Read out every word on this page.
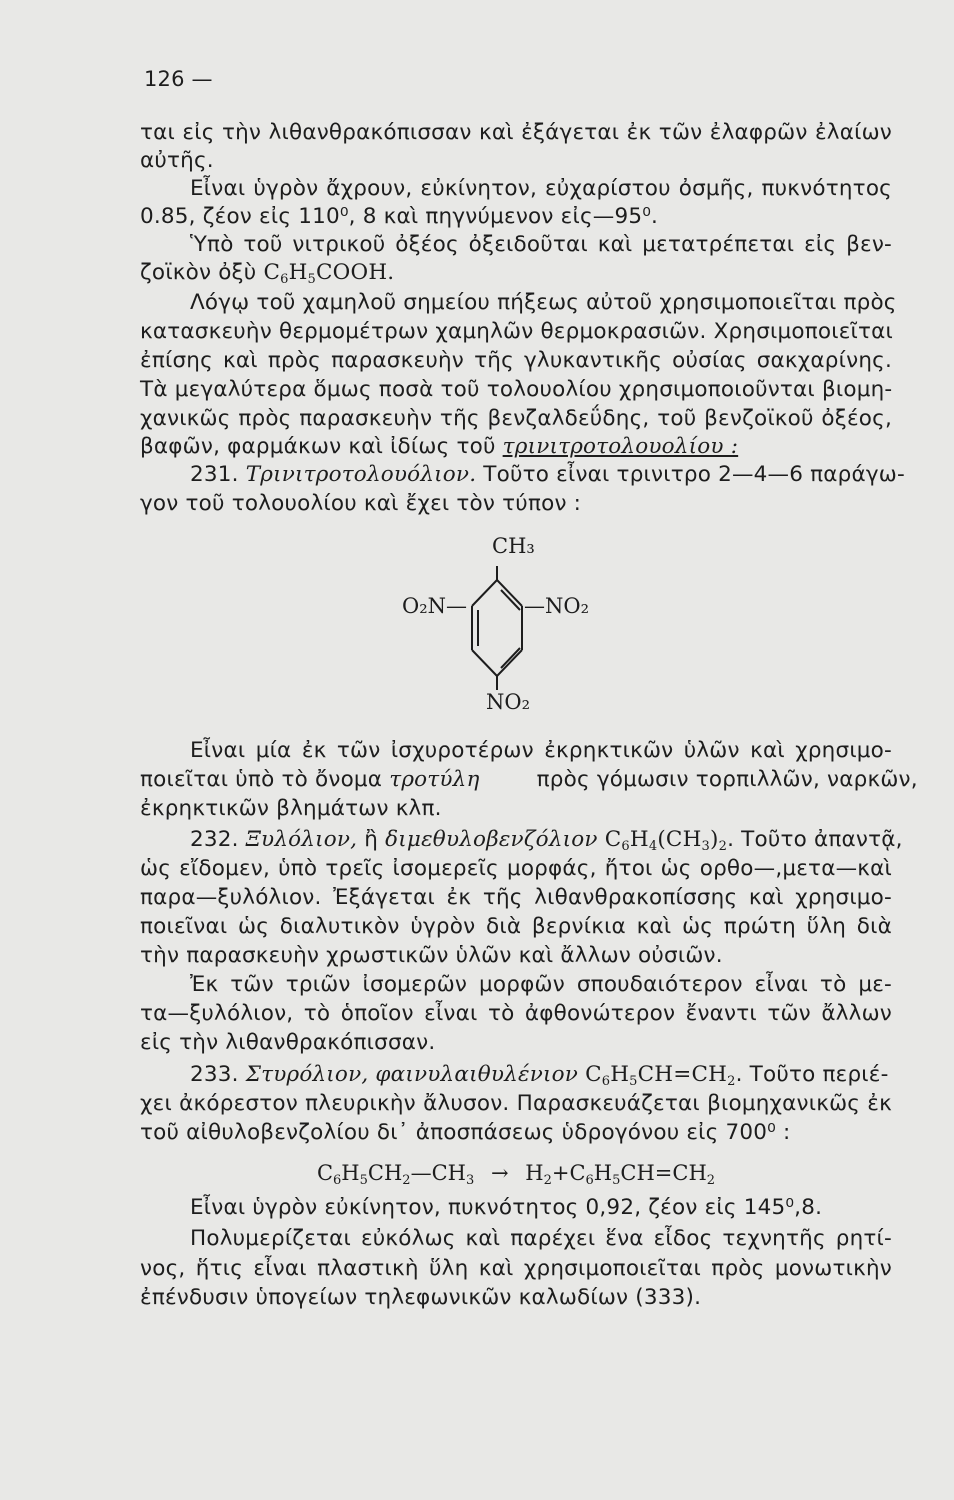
126 —
ται εἰς τὴν λιθανθρακόπισσαν καὶ ἐξάγεται ἐκ τῶν ἐλαφρῶν ἐλαίων
αὐτῆς.
Εἶναι ὑγρὸν ἄχρουν, εὐκίνητον, εὐχαρίστου ὀσμῆς, πυκνότητος
0.85, ζέον εἰς 110⁰, 8 καὶ πηγνύμενον εἰς—95⁰.
Ὑπὸ τοῦ νιτρικοῦ ὀξέος ὀξειδοῦται καὶ μετατρέπεται εἰς βεν-
ζοϊκὸν ὀξὺ $C_6H_5COOH$.
Λόγῳ τοῦ χαμηλοῦ σημείου πήξεως αὐτοῦ χρησιμοποιεῖται πρὸς
κατασκευὴν θερμομέτρων χαμηλῶν θερμοκρασιῶν. Χρησιμοποιεῖται
ἐπίσης καὶ πρὸς παρασκευὴν τῆς γλυκαντικῆς οὐσίας σακχαρίνης.
Τὰ μεγαλύτερα ὅμως ποσὰ τοῦ τολουολίου χρησιμοποιοῦνται βιομη-
χανικῶς πρὸς παρασκευὴν τῆς βενζαλδεΰδης, τοῦ βενζοϊκοῦ ὀξέος,
βαφῶν, φαρμάκων καὶ ἰδίως τοῦ τρινιτροτολουολίου :
231. Τρινιτροτολουόλιον. Τοῦτο εἶναι τρινιτρο 2—4—6 παράγω-
γον τοῦ τολουολίου καὶ ἔχει τὸν τύπον :
CH₃
O₂N—	—NO₂
NO₂
Εἶναι μία ἐκ τῶν ἰσχυροτέρων ἐκρηκτικῶν ὑλῶν καὶ χρησιμο-
ποιεῖται ὑπὸ τὸ ὄνομα τροτύλη	πρὸς γόμωσιν τορπιλλῶν, ναρκῶν,
ἐκρηκτικῶν βλημάτων κλπ.
232. Ξυλόλιον, ἢ διμεθυλοβενζόλιον $C_6H_4(CH_3)_2$. Τοῦτο ἀπαντᾷ,
ὡς εἴδομεν, ὑπὸ τρεῖς ἰσομερεῖς μορφάς, ἤτοι ὡς ορθο—,μετα—καὶ
παρα—ξυλόλιον. Ἐξάγεται ἐκ τῆς λιθανθρακοπίσσης καὶ χρησιμο-
ποιεῖναι ὡς διαλυτικὸν ὑγρὸν διὰ βερνίκια καὶ ὡς πρώτη ὕλη διὰ
τὴν παρασκευὴν χρωστικῶν ὑλῶν καὶ ἄλλων οὐσιῶν.
Ἐκ τῶν τριῶν ἰσομερῶν μορφῶν σπουδαιότερον εἶναι τὸ με-
τα—ξυλόλιον, τὸ ὁποῖον εἶναι τὸ ἀφθονώτερον ἔναντι τῶν ἄλλων
εἰς τὴν λιθανθρακόπισσαν.
233. Στυρόλιον, φαινυλαιθυλένιον $C_6H_5CH=CH_2$. Τοῦτο περιέ-
χει ἀκόρεστον πλευρικὴν ἄλυσον. Παρασκευάζεται βιομηχανικῶς ἐκ
τοῦ αἰθυλοβενζολίου δι᾽ ἀποσπάσεως ὑδρογόνου εἰς 700⁰ :
$C_6H_5CH_2—CH_3 \to H_2+C_6H_5CH=CH_2$
Εἶναι ὑγρὸν εὐκίνητον, πυκνότητος 0,92, ζέον εἰς 145⁰,8.
Πολυμερίζεται εὐκόλως καὶ παρέχει ἕνα εἶδος τεχνητῆς ρητί-
νος, ἥτις εἶναι πλαστικὴ ὕλη καὶ χρησιμοποιεῖται πρὸς μονωτικὴν
ἐπένδυσιν ὑπογείων τηλεφωνικῶν καλωδίων (333).
